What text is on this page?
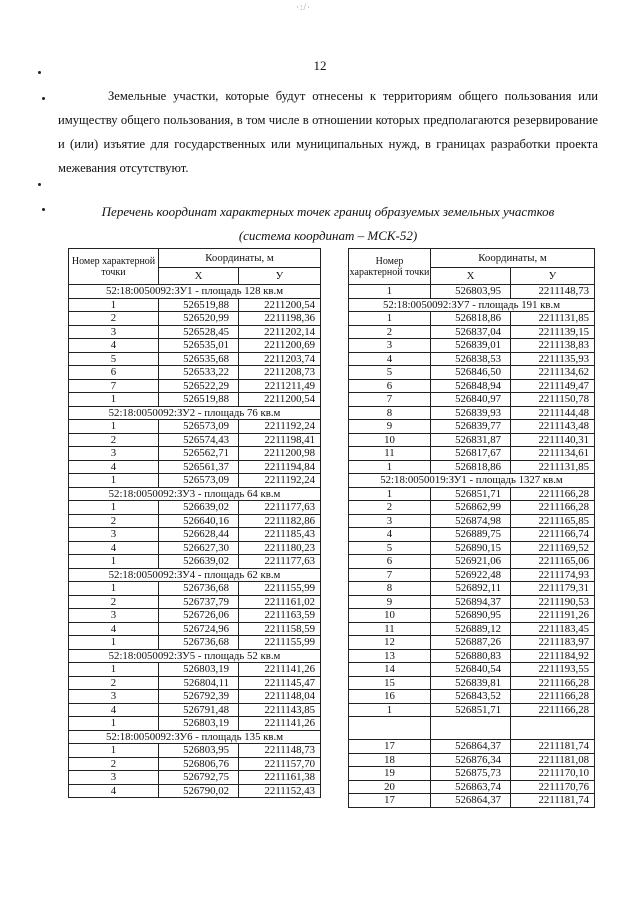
·:/·
12

Земельные участки, которые будут отнесены к территориям общего пользования или имуществу общего пользования, в том числе в отношении которых предполагаются резервирование и (или) изъятие для государственных или муниципальных нужд, в границах разработки проекта межевания отсутствуют.

Перечень координат характерных точек границ образуемых земельных участков
(система координат – МСК-52)
Номер характерной точки	Координаты, м	
	X	У
52:18:0050092:ЗУ1 - площадь 128 кв.м		
1	526519,88	2211200,54
2	526520,99	2211198,36
3	526528,45	2211202,14
4	526535,01	2211200,69
5	526535,68	2211203,74
6	526533,22	2211208,73
7	526522,29	2211211,49
1	526519,88	2211200,54
52:18:0050092:ЗУ2 - площадь 76 кв.м		
1	526573,09	2211192,24
2	526574,43	2211198,41
3	526562,71	2211200,98
4	526561,37	2211194,84
1	526573,09	2211192,24
52:18:0050092:ЗУ3 - площадь 64 кв.м		
1	526639,02	2211177,63
2	526640,16	2211182,86
3	526628,44	2211185,43
4	526627,30	2211180,23
1	526639,02	2211177,63
52:18:0050092:ЗУ4 - площадь 62 кв.м		
1	526736,68	2211155,99
2	526737,79	2211161,02
3	526726,06	2211163,59
4	526724,96	2211158,59
1	526736,68	2211155,99
52:18:0050092:ЗУ5 - площадь 52 кв.м		
1	526803,19	2211141,26
2	526804,11	2211145,47
3	526792,39	2211148,04
4	526791,48	2211143,85
1	526803,19	2211141,26
52:18:0050092:ЗУ6 - площадь 135 кв.м		
1	526803,95	2211148,73
2	526806,76	2211157,70
3	526792,75	2211161,38
4	526790,02	2211152,43
Номер характерной точки	Координаты, м	
	X	У
1	526803,95	2211148,73
52:18:0050092:ЗУ7 - площадь 191 кв.м		
1	526818,86	2211131,85
2	526837,04	2211139,15
3	526839,01	2211138,83
4	526838,53	2211135,93
5	526846,50	2211134,62
6	526848,94	2211149,47
7	526840,97	2211150,78
8	526839,93	2211144,48
9	526839,77	2211143,48
10	526831,87	2211140,31
11	526817,67	2211134,61
1	526818,86	2211131,85
52:18:0050019:ЗУ1 - площадь 1327 кв.м		
1	526851,71	2211166,28
2	526862,99	2211166,28
3	526874,98	2211165,85
4	526889,75	2211166,74
5	526890,15	2211169,52
6	526921,06	2211165,06
7	526922,48	2211174,93
8	526892,11	2211179,31
9	526894,37	2211190,53
10	526890,95	2211191,26
11	526889,12	2211183,45
12	526887,26	2211183,97
13	526880,83	2211184,92
14	526840,54	2211193,55
15	526839,81	2211166,28
16	526843,52	2211166,28
1	526851,71	2211166,28

17	526864,37	2211181,74
18	526876,34	2211181,08
19	526875,73	2211170,10
20	526863,74	2211170,76
17	526864,37	2211181,74
